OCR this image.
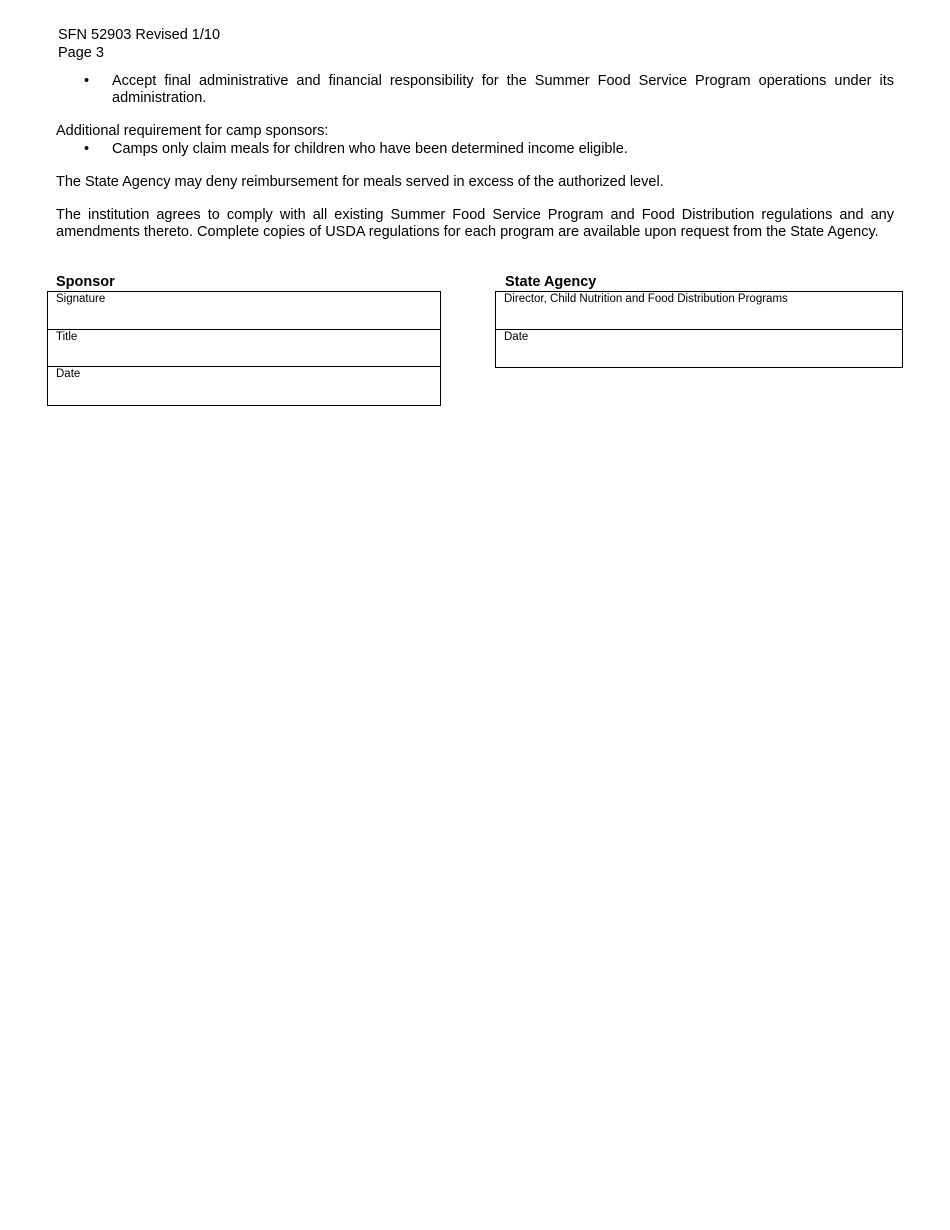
SFN 52903 Revised 1/10
Page 3
•	Accept final administrative and financial responsibility for the Summer Food Service Program operations under its administration.
Additional requirement for camp sponsors:
•	Camps only claim meals for children who have been determined income eligible.
The State Agency may deny reimbursement for meals served in excess of the authorized level.
The institution agrees to comply with all existing Summer Food Service Program and Food Distribution regulations and any amendments thereto. Complete copies of USDA regulations for each program are available upon request from the State Agency.
Sponsor
Signature
Title
Date
State Agency
Director, Child Nutrition and Food Distribution Programs
Date
